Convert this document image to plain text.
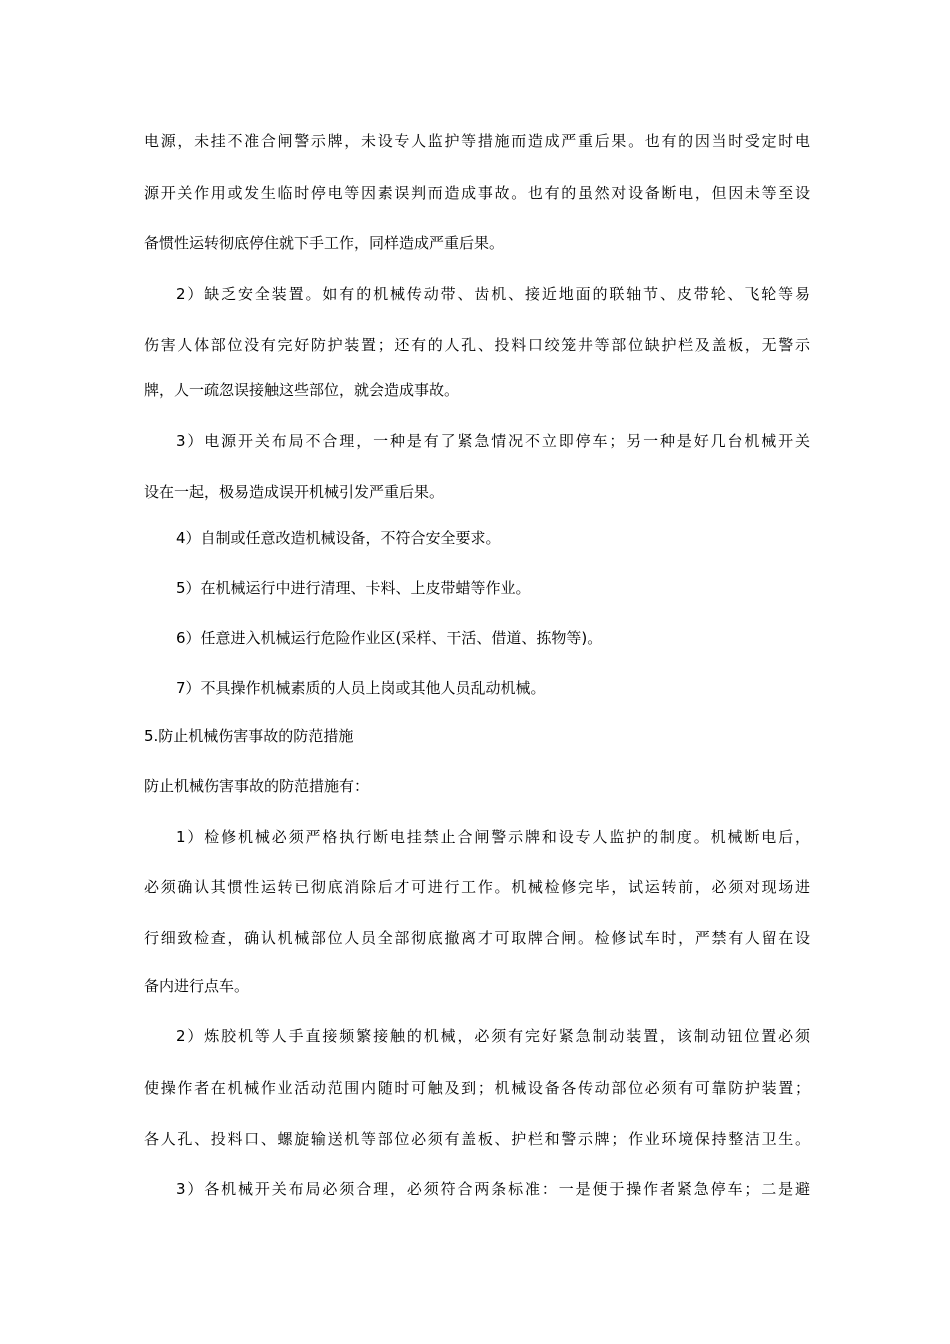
电源，未挂不准合闸警示牌，未设专人监护等措施而造成严重后果。也有的因当时受定时电

源开关作用或发生临时停电等因素误判而造成事故。也有的虽然对设备断电，但因未等至设

备惯性运转彻底停住就下手工作，同样造成严重后果。

2）缺乏安全装置。如有的机械传动带、齿机、接近地面的联轴节、皮带轮、飞轮等易

伤害人体部位没有完好防护装置；还有的人孔、投料口绞笼井等部位缺护栏及盖板，无警示

牌，人一疏忽误接触这些部位，就会造成事故。

3）电源开关布局不合理，一种是有了紧急情况不立即停车；另一种是好几台机械开关

设在一起，极易造成误开机械引发严重后果。

4）自制或任意改造机械设备，不符合安全要求。

5）在机械运行中进行清理、卡料、上皮带蜡等作业。

6）任意进入机械运行危险作业区(采样、干活、借道、拣物等)。

7）不具操作机械素质的人员上岗或其他人员乱动机械。

5.防止机械伤害事故的防范措施

防止机械伤害事故的防范措施有：

1）检修机械必须严格执行断电挂禁止合闸警示牌和设专人监护的制度。机械断电后，

必须确认其惯性运转已彻底消除后才可进行工作。机械检修完毕，试运转前，必须对现场进

行细致检查，确认机械部位人员全部彻底撤离才可取牌合闸。检修试车时，严禁有人留在设

备内进行点车。

2）炼胶机等人手直接频繁接触的机械，必须有完好紧急制动装置，该制动钮位置必须

使操作者在机械作业活动范围内随时可触及到；机械设备各传动部位必须有可靠防护装置；

各人孔、投料口、螺旋输送机等部位必须有盖板、护栏和警示牌；作业环境保持整洁卫生。

3）各机械开关布局必须合理，必须符合两条标准：一是便于操作者紧急停车；二是避
